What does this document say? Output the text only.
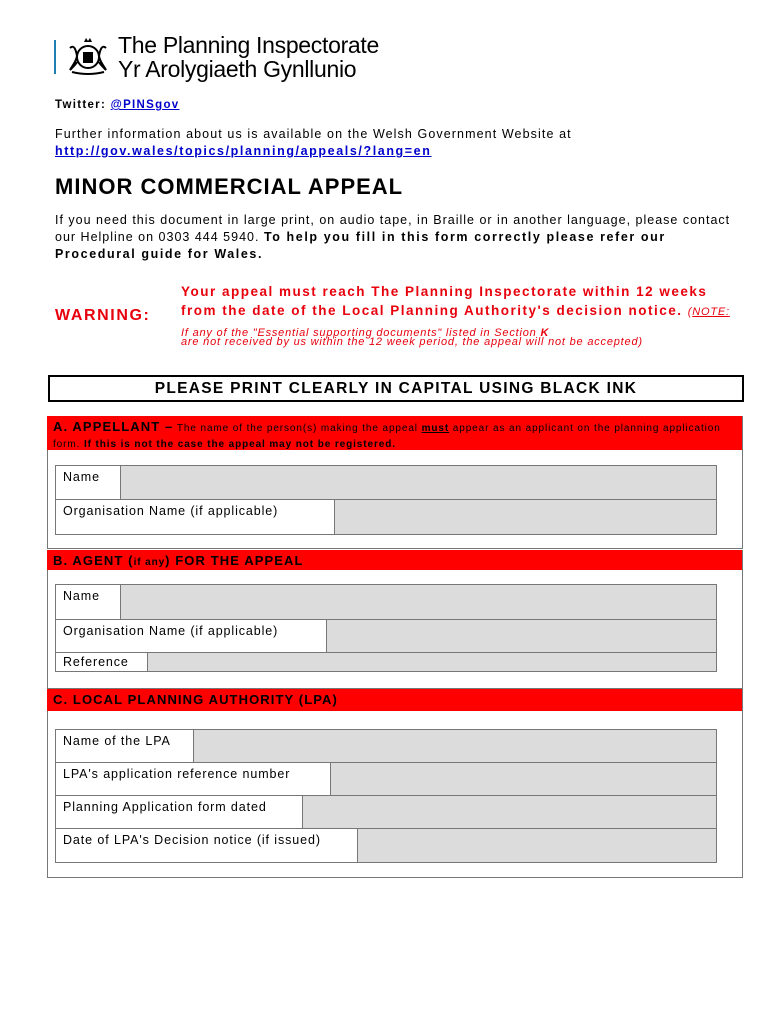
The Planning Inspectorate
Yr Arolygiaeth Gynllunio
Twitter: @PINSgov
Further information about us is available on the Welsh Government Website at
http://gov.wales/topics/planning/appeals/?lang=en
MINOR COMMERCIAL APPEAL
If you need this document in large print, on audio tape, in Braille or in another language, please contact our Helpline on 0303 444 5940. To help you fill in this form correctly please refer our Procedural guide for Wales.
WARNING:
Your appeal must reach The Planning Inspectorate within 12 weeks from the date of the Local Planning Authority's decision notice. (NOTE: If any of the "Essential supporting documents" listed in Section K
are not received by us within the 12 week period, the appeal will not be accepted)
PLEASE PRINT CLEARLY IN CAPITAL USING BLACK INK
A. APPELLANT – The name of the person(s) making the appeal must appear as an applicant on the planning application form. If this is not the case the appeal may not be registered.
Name
Organisation Name (if applicable)
B. AGENT (if any) FOR THE APPEAL
Name
Organisation Name (if applicable)
Reference
C. LOCAL PLANNING AUTHORITY (LPA)
Name of the LPA
LPA's application reference number
Planning Application form dated
Date of LPA's Decision notice (if issued)
